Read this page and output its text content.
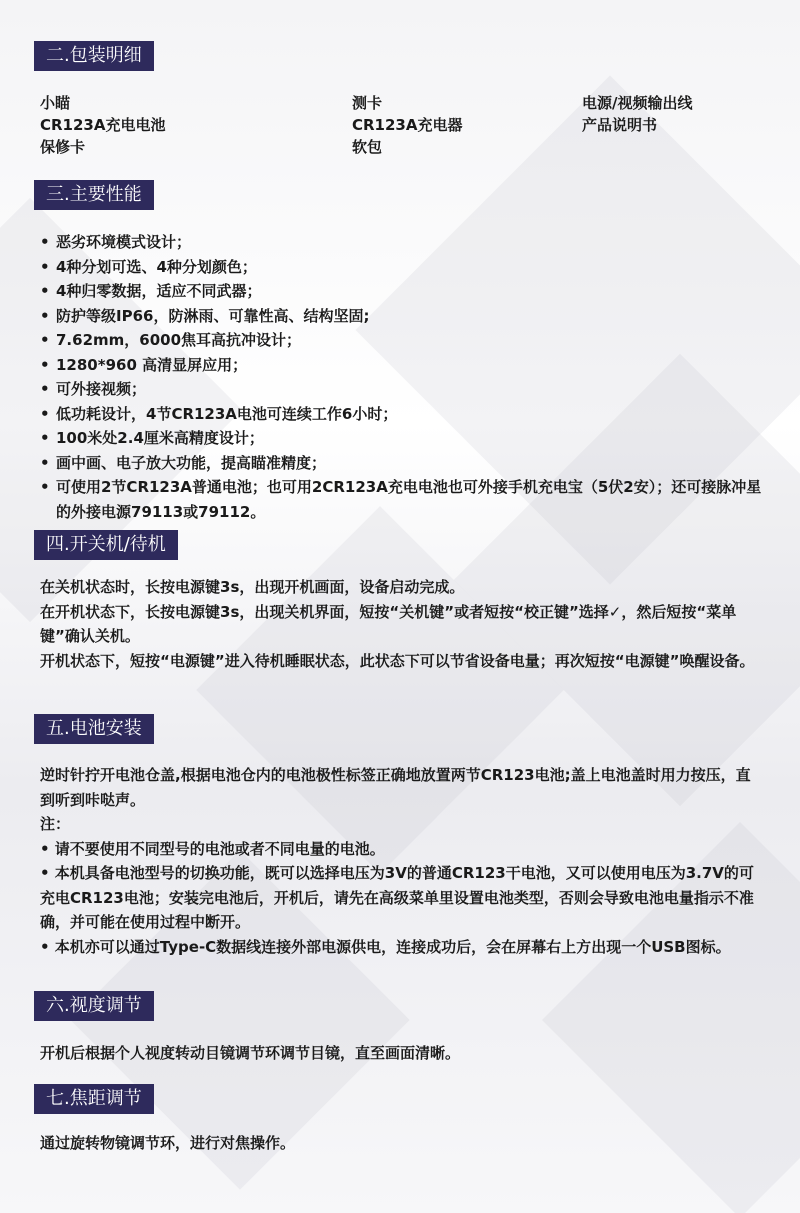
二.包装明细
小瞄	测卡	电源/视频输出线
CR123A充电电池	CR123A充电器	产品说明书
保修卡	软包
三.主要性能
• 恶劣环境模式设计；
• 4种分划可选、4种分划颜色；
• 4种归零数据，适应不同武器；
• 防护等级IP66，防淋雨、可靠性高、结构坚固;
• 7.62mm，6000焦耳高抗冲设计；
• 1280*960 高清显屏应用；
• 可外接视频；
• 低功耗设计，4节CR123A电池可连续工作6小时；
• 100米处2.4厘米高精度设计；
• 画中画、电子放大功能，提高瞄准精度；
• 可使用2节CR123A普通电池；也可用2CR123A充电电池也可外接手机充电宝（5伏2安）；还可接脉冲星的外接电源79113或79112。
四.开关机/待机

在关机状态时，长按电源键3s，出现开机画面，设备启动完成。

在开机状态下，长按电源键3s，出现关机界面，短按“关机键”或者短按“校正键”选择✓，然后短按“菜单键”确认关机。

开机状态下，短按“电源键”进入待机睡眠状态，此状态下可以节省设备电量；再次短按“电源键”唤醒设备。

五.电池安装

逆时针拧开电池仓盖,根据电池仓内的电池极性标签正确地放置两节CR123电池;盖上电池盖时用力按压，直到听到咔哒声。

注：

• 请不要使用不同型号的电池或者不同电量的电池。

• 本机具备电池型号的切换功能，既可以选择电压为3V的普通CR123干电池，又可以使用电压为3.7V的可充电CR123电池；安装完电池后，开机后，请先在高级菜单里设置电池类型，否则会导致电池电量指示不准确，并可能在使用过程中断开。

• 本机亦可以通过Type-C数据线连接外部电源供电，连接成功后，会在屏幕右上方出现一个USB图标。

六.视度调节

开机后根据个人视度转动目镜调节环调节目镜，直至画面清晰。

七.焦距调节

通过旋转物镜调节环，进行对焦操作。
